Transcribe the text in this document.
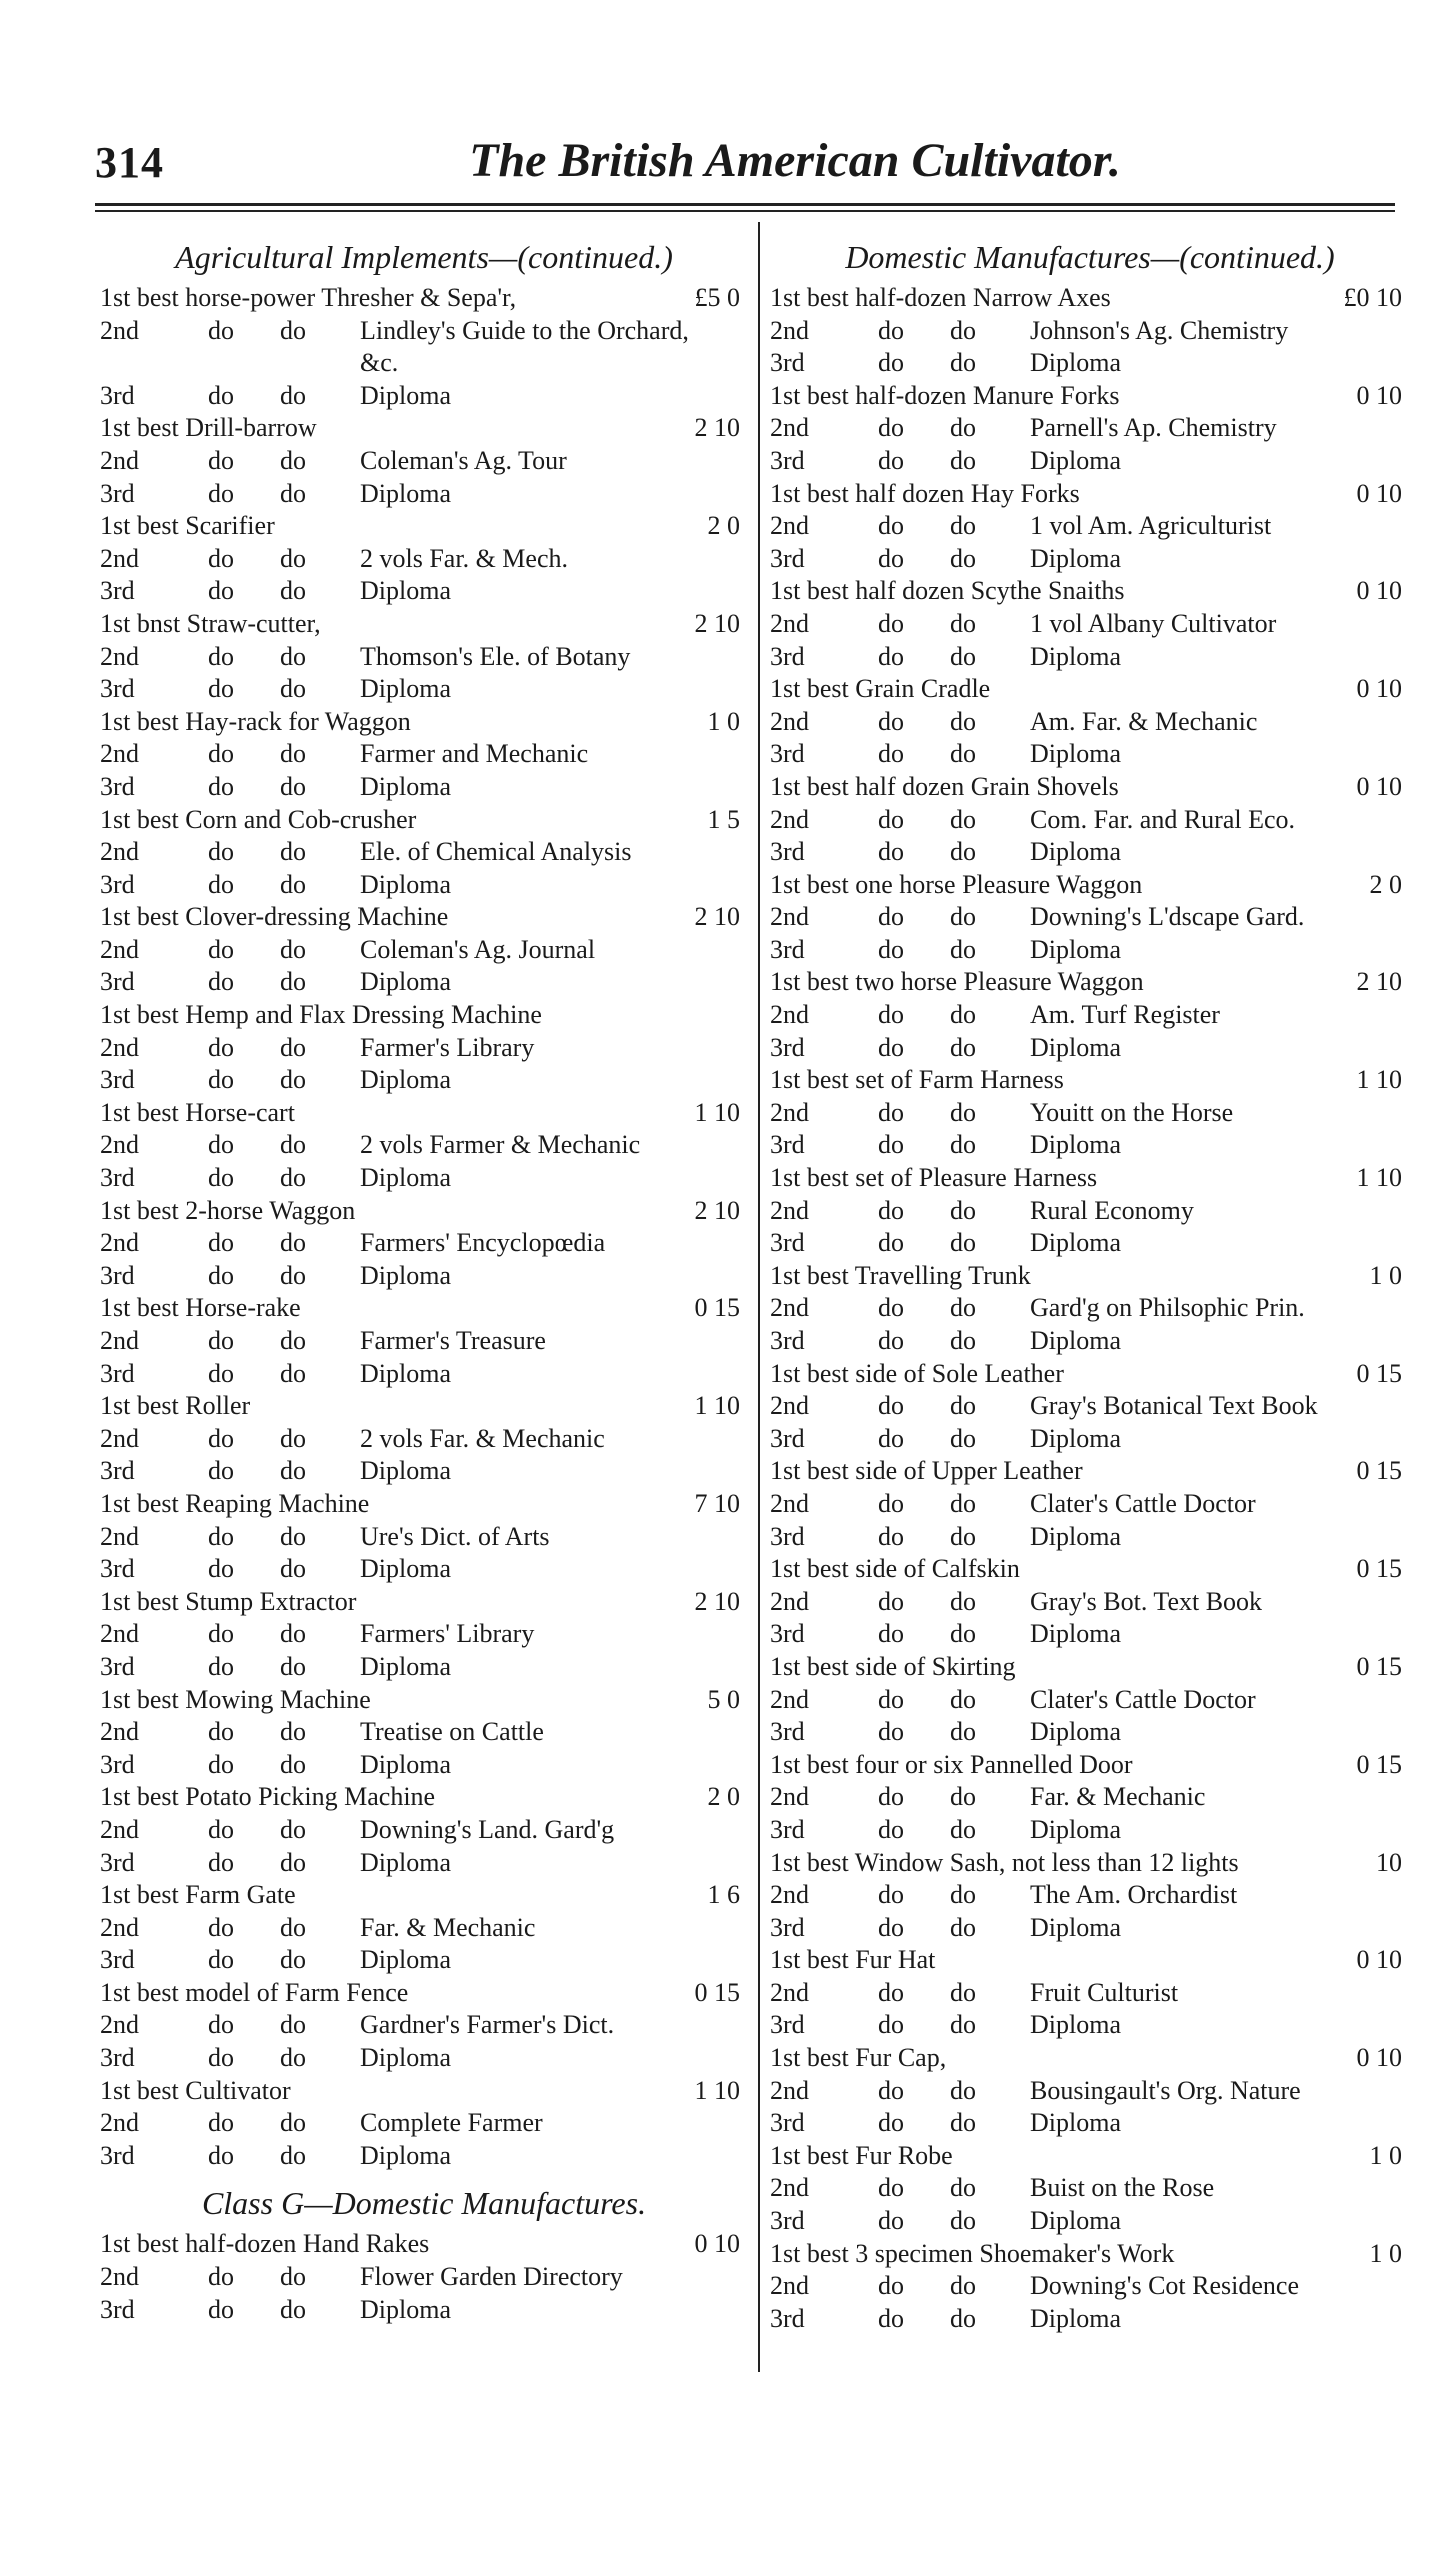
314	The British American Cultivator.
Agricultural Implements—(continued.)
1st best horse-power Thresher & Sepa'r,	£5 0
2nd	do do Lindley's Guide to the Orchard, &c.
3rd	do do Diploma
1st best Drill-barrow	2 10
2nd	do do Coleman's Ag. Tour
3rd	do do Diploma
1st best Scarifier	2 0
2nd	do do 2 vols Far. & Mech.
3rd	do do Diploma
1st bnst Straw-cutter,	2 10
2nd	do do Thomson's Ele. of Botany
3rd	do do Diploma
1st best Hay-rack for Waggon	1 0
2nd	do do Farmer and Mechanic
3rd	do do Diploma
1st best Corn and Cob-crusher	1 5
2nd	do do Ele. of Chemical Analysis
3rd	do do Diploma
1st best Clover-dressing Machine	2 10
2nd	do do Coleman's Ag. Journal
3rd	do do Diploma
1st best Hemp and Flax Dressing Machine
2nd	do do Farmer's Library
3rd	do do Diploma
1st best Horse-cart	1 10
2nd	do do 2 vols Farmer & Mechanic
3rd	do do Diploma
1st best 2-horse Waggon	2 10
2nd	do do Farmers' Encyclopœdia
3rd	do do Diploma
1st best Horse-rake	0 15
2nd	do do Farmer's Treasure
3rd	do do Diploma
1st best Roller	1 10
2nd	do do 2 vols Far. & Mechanic
3rd	do do Diploma
1st best Reaping Machine	7 10
2nd	do do Ure's Dict. of Arts
3rd	do do Diploma
1st best Stump Extractor	2 10
2nd	do do Farmers' Library
3rd	do do Diploma
1st best Mowing Machine	5 0
2nd	do do Treatise on Cattle
3rd	do do Diploma
1st best Potato Picking Machine	2 0
2nd	do do Downing's Land. Gard'g
3rd	do do Diploma
1st best Farm Gate	1 6
2nd	do do Far. & Mechanic
3rd	do do Diploma
1st best model of Farm Fence	0 15
2nd	do do Gardner's Farmer's Dict.
3rd	do do Diploma
1st best Cultivator	1 10
2nd	do do Complete Farmer
3rd	do do Diploma
Class G—Domestic Manufactures.
1st best half-dozen Hand Rakes	0 10
2nd	do do Flower Garden Directory
3rd	do do Diploma
Domestic Manufactures—(continued.)
1st best half-dozen Narrow Axes	£0 10
2nd	do do Johnson's Ag. Chemistry
3rd	do do Diploma
1st best half-dozen Manure Forks	0 10
2nd	do do Parnell's Ap. Chemistry
3rd	do do Diploma
1st best half dozen Hay Forks	0 10
2nd	do do 1 vol Am. Agriculturist
3rd	do do Diploma
1st best half dozen Scythe Snaiths	0 10
2nd	do do 1 vol Albany Cultivator
3rd	do do Diploma
1st best Grain Cradle	0 10
2nd	do do Am. Far. & Mechanic
3rd	do do Diploma
1st best half dozen Grain Shovels	0 10
2nd	do do Com. Far. and Rural Eco.
3rd	do do Diploma
1st best one horse Pleasure Waggon	2 0
2nd	do do Downing's L'dscape Gard.
3rd	do do Diploma
1st best two horse Pleasure Waggon	2 10
2nd	do do Am. Turf Register
3rd	do do Diploma
1st best set of Farm Harness	1 10
2nd	do do Youitt on the Horse
3rd	do do Diploma
1st best set of Pleasure Harness	1 10
2nd	do do Rural Economy
3rd	do do Diploma
1st best Travelling Trunk	1 0
2nd	do do Gard'g on Philsophic Prin.
3rd	do do Diploma
1st best side of Sole Leather	0 15
2nd	do do Gray's Botanical Text Book
3rd	do do Diploma
1st best side of Upper Leather	0 15
2nd	do do Clater's Cattle Doctor
3rd	do do Diploma
1st best side of Calfskin	0 15
2nd	do do Gray's Bot. Text Book
3rd	do do Diploma
1st best side of Skirting	0 15
2nd	do do Clater's Cattle Doctor
3rd	do do Diploma
1st best four or six Pannelled Door	0 15
2nd	do do Far. & Mechanic
3rd	do do Diploma
1st best Window Sash, not less than 12 lights	10
2nd	do do The Am. Orchardist
3rd	do do Diploma
1st best Fur Hat	0 10
2nd	do do Fruit Culturist
3rd	do do Diploma
1st best Fur Cap,	0 10
2nd	do do Bousingault's Org. Nature
3rd	do do Diploma
1st best Fur Robe	1 0
2nd	do do Buist on the Rose
3rd	do do Diploma
1st best 3 specimen Shoemaker's Work	1 0
2nd	do do Downing's Cot Residence
3rd	do do Diploma
